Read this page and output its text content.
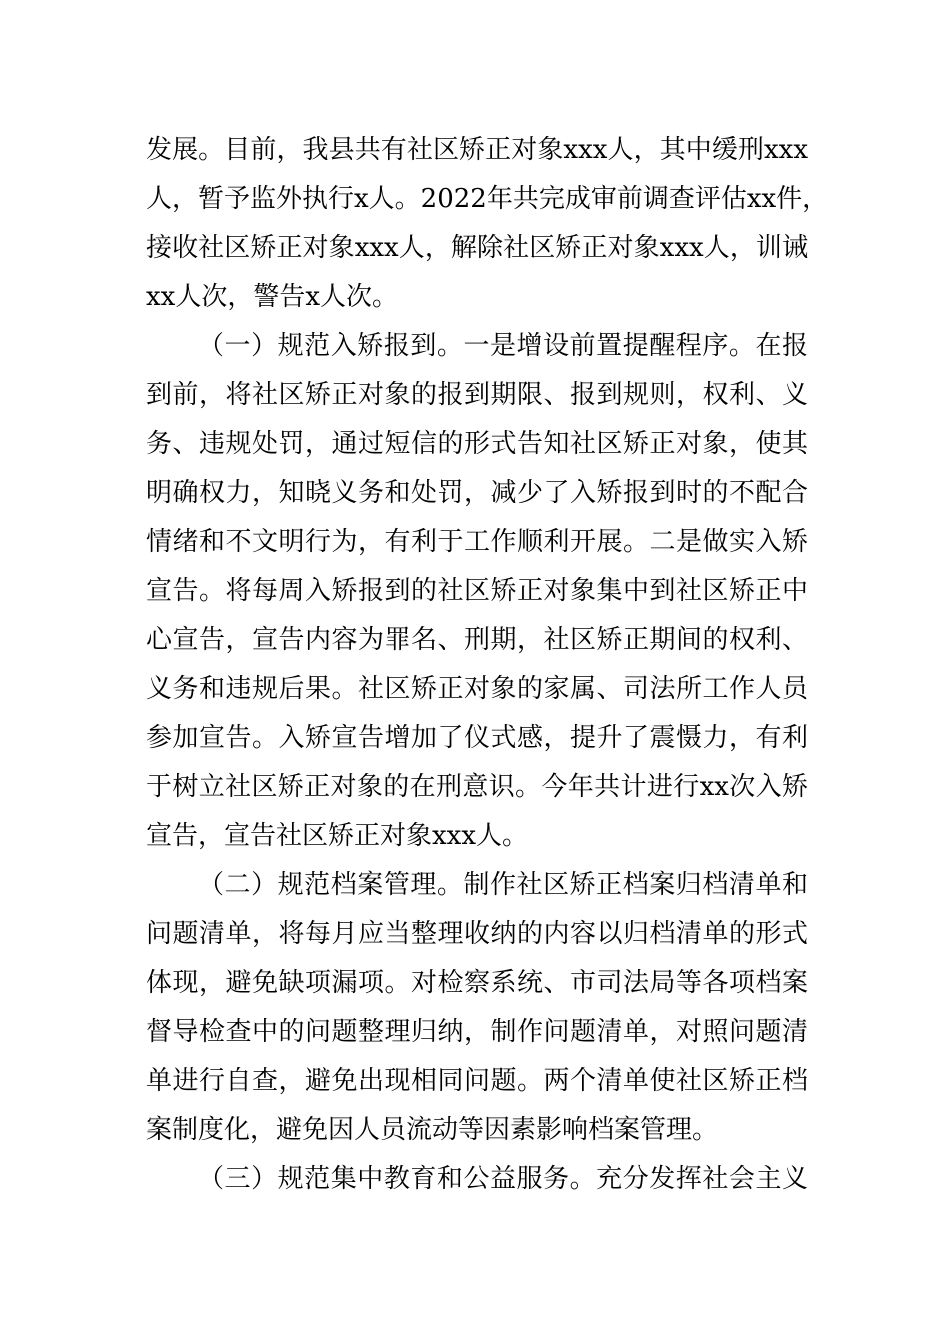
发展。目前，我县共有社区矫正对象xxx人，其中缓刑xxx
人，暂予监外执行x人。2022年共完成审前调查评估xx件，
接收社区矫正对象xxx人，解除社区矫正对象xxx人，训诫
xx人次，警告x人次。
（一）规范入矫报到。一是增设前置提醒程序。在报
到前，将社区矫正对象的报到期限、报到规则，权利、义
务、违规处罚，通过短信的形式告知社区矫正对象，使其
明确权力，知晓义务和处罚，减少了入矫报到时的不配合
情绪和不文明行为，有利于工作顺利开展。二是做实入矫
宣告。将每周入矫报到的社区矫正对象集中到社区矫正中
心宣告，宣告内容为罪名、刑期，社区矫正期间的权利、
义务和违规后果。社区矫正对象的家属、司法所工作人员
参加宣告。入矫宣告增加了仪式感，提升了震慑力，有利
于树立社区矫正对象的在刑意识。今年共计进行xx次入矫
宣告，宣告社区矫正对象xxx人。
（二）规范档案管理。制作社区矫正档案归档清单和
问题清单，将每月应当整理收纳的内容以归档清单的形式
体现，避免缺项漏项。对检察系统、市司法局等各项档案
督导检查中的问题整理归纳，制作问题清单，对照问题清
单进行自查，避免出现相同问题。两个清单使社区矫正档
案制度化，避免因人员流动等因素影响档案管理。
（三）规范集中教育和公益服务。充分发挥社会主义
